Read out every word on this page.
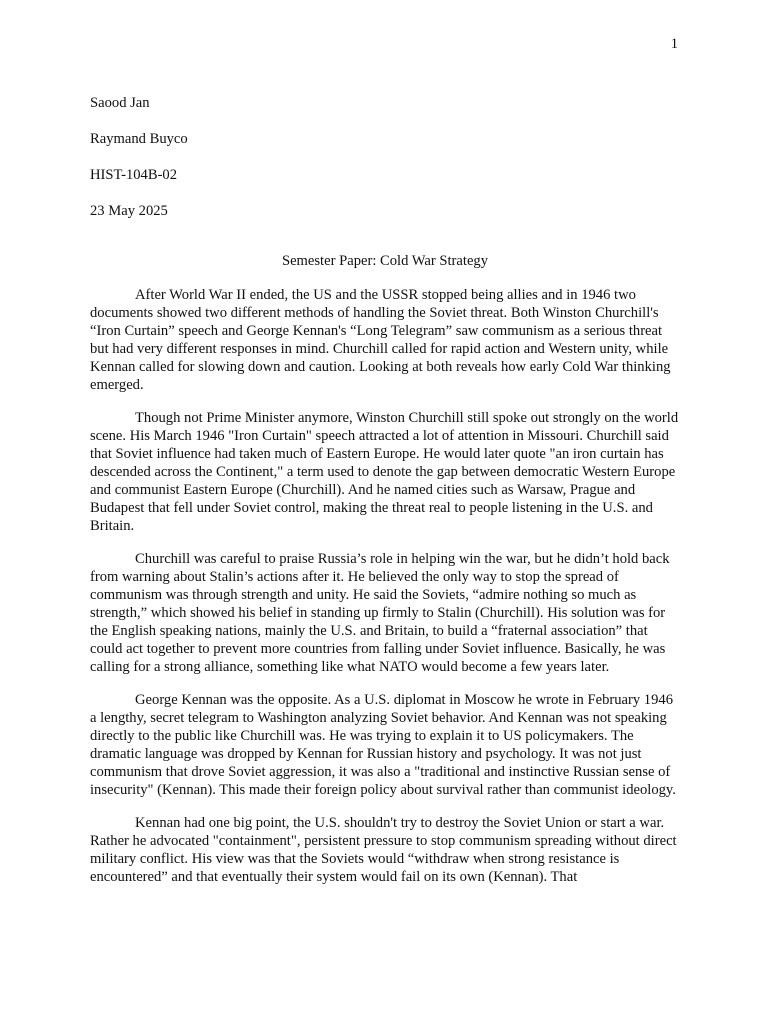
1
Saood Jan
Raymand Buyco
HIST-104B-02
23 May 2025
Semester Paper: Cold War Strategy

After World War II ended, the US and the USSR stopped being allies and in 1946 two documents showed two different methods of handling the Soviet threat. Both Winston Churchill's “Iron Curtain” speech and George Kennan's “Long Telegram” saw communism as a serious threat but had very different responses in mind. Churchill called for rapid action and Western unity, while Kennan called for slowing down and caution. Looking at both reveals how early Cold War thinking emerged.

Though not Prime Minister anymore, Winston Churchill still spoke out strongly on the world scene. His March 1946 "Iron Curtain" speech attracted a lot of attention in Missouri. Churchill said that Soviet influence had taken much of Eastern Europe. He would later quote "an iron curtain has descended across the Continent," a term used to denote the gap between democratic Western Europe and communist Eastern Europe (Churchill). And he named cities such as Warsaw, Prague and Budapest that fell under Soviet control, making the threat real to people listening in the U.S. and Britain.

Churchill was careful to praise Russia’s role in helping win the war, but he didn’t hold back from warning about Stalin’s actions after it. He believed the only way to stop the spread of communism was through strength and unity. He said the Soviets, “admire nothing so much as strength,” which showed his belief in standing up firmly to Stalin (Churchill). His solution was for the English speaking nations, mainly the U.S. and Britain, to build a “fraternal association” that could act together to prevent more countries from falling under Soviet influence. Basically, he was calling for a strong alliance, something like what NATO would become a few years later.

George Kennan was the opposite. As a U.S. diplomat in Moscow he wrote in February 1946 a lengthy, secret telegram to Washington analyzing Soviet behavior. And Kennan was not speaking directly to the public like Churchill was. He was trying to explain it to US policymakers. The dramatic language was dropped by Kennan for Russian history and psychology. It was not just communism that drove Soviet aggression, it was also a "traditional and instinctive Russian sense of insecurity" (Kennan). This made their foreign policy about survival rather than communist ideology.

Kennan had one big point, the U.S. shouldn't try to destroy the Soviet Union or start a war. Rather he advocated "containment", persistent pressure to stop communism spreading without direct military conflict. His view was that the Soviets would “withdraw when strong resistance is encountered” and that eventually their system would fail on its own (Kennan). That
